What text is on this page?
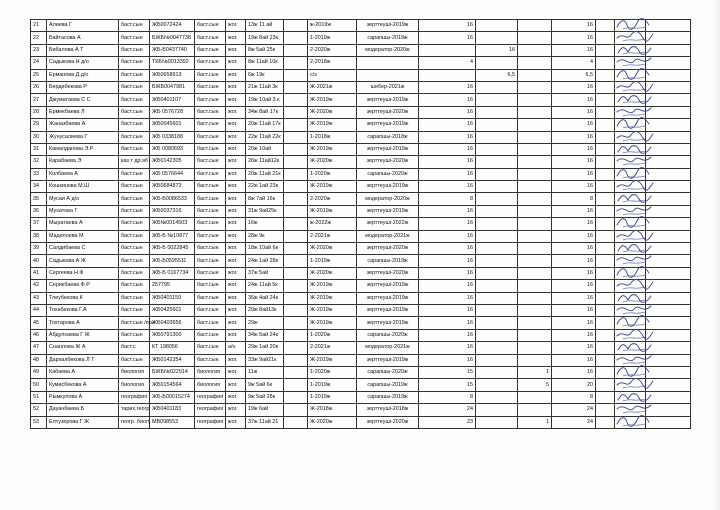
21	Алиева Г	баст.сын	ЖБ0072424	баст.сын	жог.	13ж 11 ай		ж-2019ж	зерттеуші-2019ж	16			16		

22	Байтасова А	баст.сын	БЖБ№0047738	баст.сын	жог.	19ж 8ай 23к		1-2019ж	сарапшы-2019ж	16			16		

23	Бибалова А Т	баст.сын	ЖБ-Б0437740	баст.сын	жог.	8ж 5ай 25к		2-2020ж	модератор-2020ж		16		16		

24	Садыкова Н д/о	баст.сын	ТКБ№0013392	баст.сын	жог.	8ж 11ай 10к		2-2018ж		4			4		

25	Ерманова Д д/о	баст.сын	ЖБ0658913	баст.сын	жог.	6ж 19к		с/з			6,5		6,5		

26	Бердибекова Р	баст.сын	БЖБ0047981	баст.сын	жог.	21ж 11ай 3к		Ж-2021ж	шебер-2021ж	16			16		

27	Джуматаева С С	баст.сын	ЖБ0401107	баст.сын	жог.	19ж 10ай 3 к		Ж-2019ж	зерттеуші-2019ж	16			16		

28	Ермекбаева Л	баст.сын	ЖБ 0576728	баст.сын	жог.	34ж 8ай 17к		Ж-2020ж	зерттеуші-2020ж	16			16		

29	Жаназбаева А	баст.сын	ЖБ0045601	баст.сын	жог.	20ж 11ай 17к		Ж-2019ж	зерттеуші-2019ж	16			16		

30	Жунусалиева Г	баст.сын	ЖБ 0338188	баст.сын	жог.	22ж 11ай 22к		1-2018ж	сарапшы-2018ж	16			16		

31	Камалданова Э.Р	баст.сын	ЖБ 0080693	баст.сын	жог.	20ж 10ай		Ж-2019ж	зерттеуші-2019ж	16			16		

32	Карабаева Э	каз т др.әб	ЖБ0142305	баст.сын	жог.	26ж 11ай12к		Ж-2020ж	зерттеуші-2020ж	16			16		

33	Колбаева А	баст.сын	ЖБ 0576644	баст.сын	жог.	20ж 11ай 21к		1-2020ж	сарапшы-2020ж	16			16		

34	Кошкинова М.Ш	баст.сын	ЖБ0684873	баст.сын	жог.	22ж 1ай 23к		Ж-2019ж	зерттеуші-2019ж	16			16		

35	Мусаи А д/о	баст.сын	ЖБ-Б0086533	баст.сын	жог.	8ж 7ай 16к		2-2020ж	модератор-2020ж	8			8		

36	Мухатова Г	баст.сын	ЖБ0037316	баст.сын	жог.	31ж 9ай25к		Ж-2019ж	зерттеуші-2019ж	16			16		

37	Мыратаева А	баст.сын	ЖБ№0014503	баст.сын	жог.	16ж		ж-2022ж	зерттеуші-2022ж	16			16		

38	Маделоева М	баст.сын	ЖБ-Б №10877	баст.сын	жог.	28ж 9к		2-2021ж	модератор-2021ж	16			16		

39	Салдибаева С	баст.сын	ЖБ-Б 0022845	баст.сын	жог.	18ж 10ай 6к		Ж-2020ж	зерттеуші-2020ж	16			16		

40	Садыкова А Ж	баст.сын	ЖБ-Б0595511	баст.сын	жог.	24ж 1ай 28к		1-2019ж	сарапшы-2019ж	16			16		

41	Сергеева Н.Ф	баст.сын	ЖБ-Б 0167734	баст.сын	жог.	37ж 5ай		Ж-2020ж	зерттеуші-2020ж	16			16		

42	Серикбаева Ф.Р	баст.сын	257795	баст.сын	жог.	24ж 11ай 5к		Ж-2019ж	зерттеуші-2019ж	16			16		

43	Тлеубекова К	баст.сын	ЖБ0401159	баст.сын	жог.	36ж 4ай 24к		Ж-2019ж	зерттеуші-2019ж	16			16		

44	Тохабекова Г.А	баст.сын	ЖБ0425601	баст.сын	жог.	29ж 8ай13к		Ж-2019ж	зерттеуші-2019ж	16			16		

45	Тохтарова А	баст.сын /пси	ЖБ0403656	баст.сын	жог.	29ж		Ж-2019ж	зерттеуші-2019ж	16			16		

46	Абдулхаева Г Ж	баст.сын	ЖБ0791300	баст.сын	жог.	34ж 5ай 24к		1-2020ж	сарапшы-2020ж	16			16		

47	Снанлова Ж А	баст.с	КТ 198056	баст.сын	а/о	29ж 1ай 20к		2-2021ж	модератор-2021ж	16			16		

48	Дархалбекова Л Т	баст.сын	ЖБ0142354	баст.сын	жог.	33ж 9ай21к		Ж-2019ж	зерттеуші-2019ж	16			16		

49	Кабаева А	биология	БЖБ№022914	биология	жог.	11ж		1-2020ж	сарапшы-2020ж	15		1	16		

50	Кумисбекова А	биология	ЖБ0154564	биология	жог.	9ж 5ай 6к		1-2019ж	сарапшы-2019ж	15		5	20		

51	Рымкулова А	география	ЖБ-Б00015274	география	жог.	9ж 5ай 28к		1-2019ж	сарапшы-2019ж	8			8		

52	Дауанбаева Б	тарих,геогр	ЖБ0401183	география	жог.	19ж 6ай		Ж-2018ж	зерттеуші-2018ж	24			24		

53	Елтузерова Г Ж	геогр. биол	МВ098553	география	жог.	37ж 11ай 21		Ж-2020ж	зерттеуші-2020ж	23		1	24		
